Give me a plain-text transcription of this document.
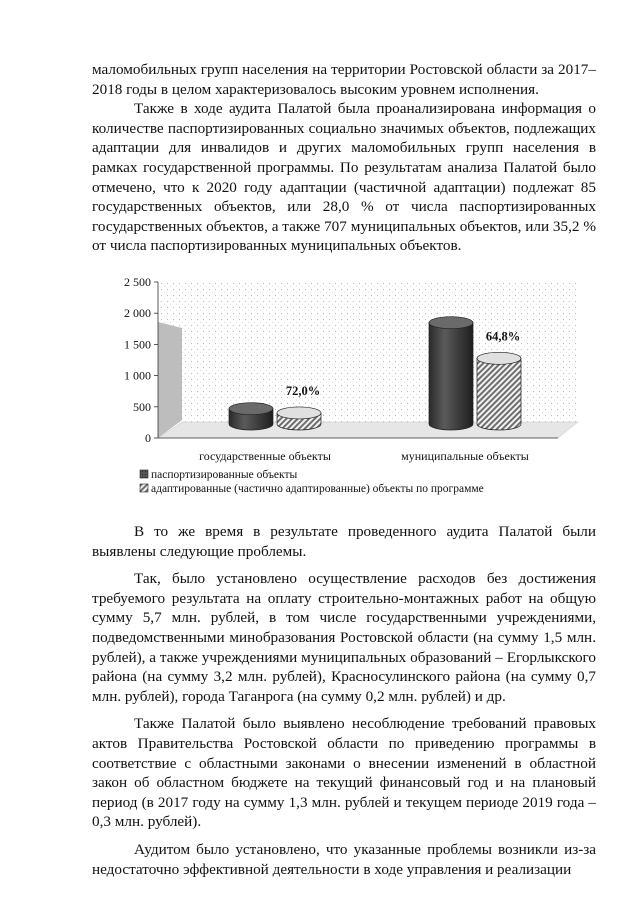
маломобильных групп населения на территории Ростовской области за 2017–2018 годы в целом характеризовалось высоким уровнем исполнения.

Также в ходе аудита Палатой была проанализирована информация о количестве паспортизированных социально значимых объектов, подлежащих адаптации для инвалидов и других маломобильных групп населения в рамках государственной программы. По результатам анализа Палатой было отмечено, что к 2020 году адаптации (частичной адаптации) подлежат 85 государственных объектов, или 28,0 % от числа паспортизированных государственных объектов, а также 707 муниципальных объектов, или 35,2 % от числа паспортизированных муниципальных объектов.

0
500
1 000
1 500
2 000
2 500
72,0%
64,8%
государственные объекты	муниципальные объекты
паспортизированные объекты
адаптированные (частично адаптированные) объекты по программе

В то же время в результате проведенного аудита Палатой были выявлены следующие проблемы.

Так, было установлено осуществление расходов без достижения требуемого результата на оплату строительно-монтажных работ на общую сумму 5,7 млн. рублей, в том числе государственными учреждениями, подведомственными минобразования Ростовской области (на сумму 1,5 млн. рублей), а также учреждениями муниципальных образований – Егорлыкского района (на сумму 3,2 млн. рублей), Красносулинского района (на сумму 0,7 млн. рублей), города Таганрога (на сумму 0,2 млн. рублей) и др.

Также Палатой было выявлено несоблюдение требований правовых актов Правительства Ростовской области по приведению программы в соответствие с областными законами о внесении изменений в областной закон об областном бюджете на текущий финансовый год и на плановый период (в 2017 году на сумму 1,3 млн. рублей и текущем периоде 2019 года – 0,3 млн. рублей).

Аудитом было установлено, что указанные проблемы возникли из-за недостаточно эффективной деятельности в ходе управления и реализации
